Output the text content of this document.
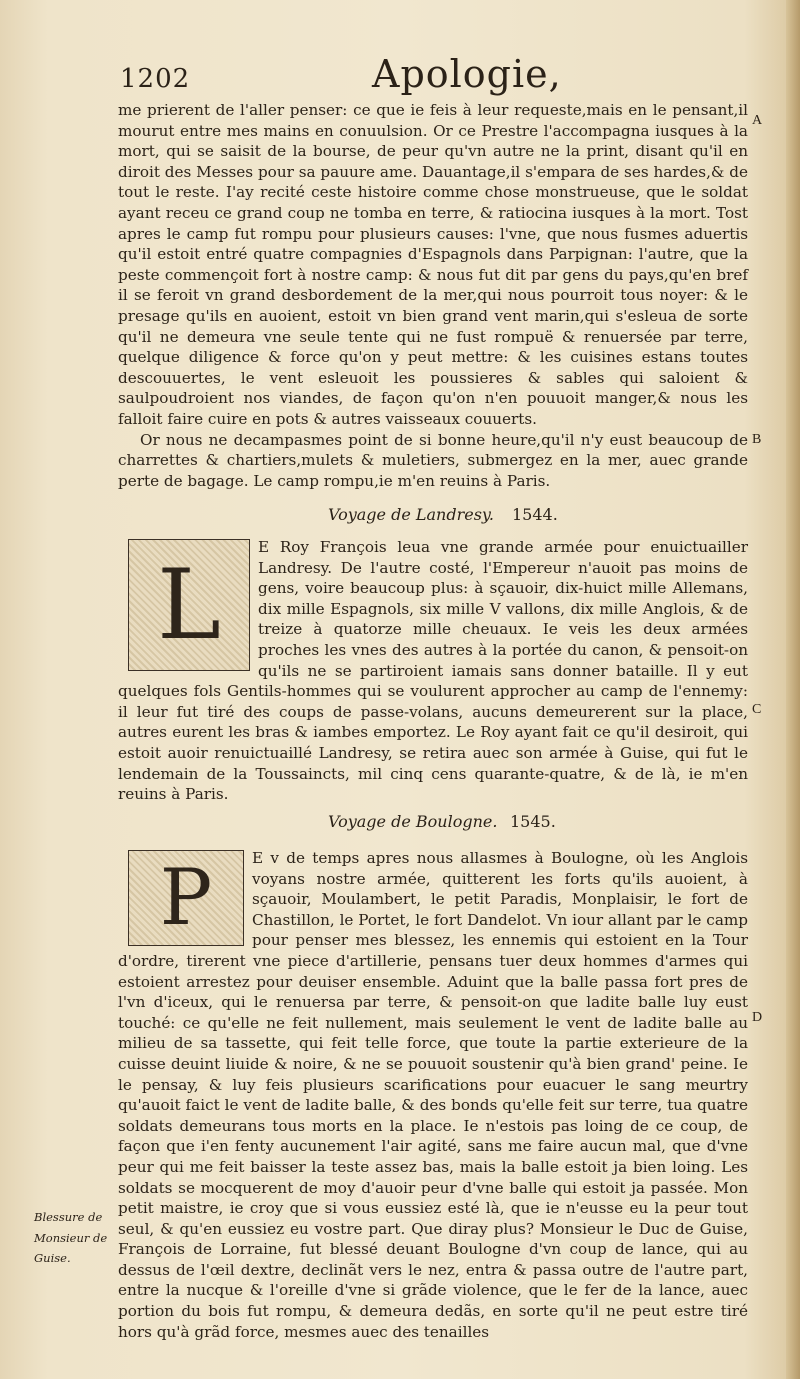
1202	Apologie,
A
B
C
D

me prierent de l'aller penser: ce que ie feis à leur requeste,mais en le pensant,il mourut entre mes mains en conuulsion. Or ce Prestre l'accompagna iusques à la mort, qui se saisit de la bourse, de peur qu'vn autre ne la print, disant qu'il en diroit des Messes pour sa pauure ame. Dauantage,il s'empara de ses hardes,& de tout le reste. I'ay recité ceste histoire comme chose monstrueuse, que le soldat ayant receu ce grand coup ne tomba en terre, & ratiocina iusques à la mort. Tost apres le camp fut rompu pour plusieurs causes: l'vne, que nous fusmes aduertis qu'il estoit entré quatre compagnies d'Espagnols dans Parpignan: l'autre, que la peste commençoit fort à nostre camp: & nous fut dit par gens du pays,qu'en bref il se feroit vn grand desbordement de la mer,qui nous pourroit tous noyer: & le presage qu'ils en auoient, estoit vn bien grand vent marin,qui s'esleua de sorte qu'il ne demeura vne seule tente qui ne fust rompuë & renuersée par terre, quelque diligence & force qu'on y peut mettre: & les cuisines estans toutes descouuertes, le vent esleuoit les poussieres & sables qui saloient & saulpoudroient nos viandes, de façon qu'on n'en pouuoit manger,& nous les falloit faire cuire en pots & autres vaisseaux couuerts.

Or nous ne decampasmes point de si bonne heure,qu'il n'y eust beaucoup de charrettes & chartiers,mulets & muletiers, submergez en la mer, auec grande perte de bagage. Le camp rompu,ie m'en reuins à Paris.

Voyage de Landresy. 1544.
L

E Roy François leua vne grande armée pour enuictuailler Landresy. De l'autre costé, l'Empereur n'auoit pas moins de gens, voire beaucoup plus: à sçauoir, dix-huict mille Allemans, dix mille Espagnols, six mille V vallons, dix mille Anglois, & de treize à quatorze mille cheuaux. Ie veis les deux armées proches les vnes des autres à la portée du canon, & pensoit-on qu'ils ne se partiroient iamais sans donner bataille. Il y eut quelques fols Gentils-hommes qui se voulurent approcher au camp de l'ennemy: il leur fut tiré des coups de passe-volans, aucuns demeurerent sur la place, autres eurent les bras & iambes emportez. Le Roy ayant fait ce qu'il desiroit, qui estoit auoir renuictuaillé Landresy, se retira auec son armée à Guise, qui fut le lendemain de la Toussaincts, mil cinq cens quarante-quatre, & de là, ie m'en reuins à Paris.

Voyage de Boulogne. 1545.
P	E v de temps apres nous allasmes à Boulogne, où les Anglois voyans nostre armée, quitterent les forts qu'ils auoient, à sçauoir, Moulambert, le petit Paradis, Monplaisir, le fort de Chastillon, le Portet, le fort Dandelot. Vn iour allant par le camp pour penser mes blessez, les ennemis qui estoient en la Tour d'ordre, tirerent vne piece d'artillerie, pensans tuer deux hommes d'armes qui estoient arrestez pour deuiser ensemble. Aduint que la balle passa fort pres de l'vn d'iceux, qui le renuersa par terre, & pensoit-on que ladite balle luy eust touché: ce qu'elle ne feit nullement, mais seulement le vent de ladite balle au milieu de sa tassette, qui feit telle force, que toute la partie exterieure de la cuisse deuint liuide & noire, & ne se pouuoit soustenir qu'à bien grand' peine. Ie le pensay, & luy feis plusieurs scarifications pour euacuer le sang meurtry qu'auoit faict le vent de ladite balle, & des bonds qu'elle feit sur terre, tua quatre soldats demeurans tous morts en la place. Ie n'estois pas loing de ce coup, de façon que i'en fenty aucunement l'air agité, sans me faire aucun mal, que d'vne peur qui me feit baisser la teste assez bas, mais la balle estoit ja bien loing. Les soldats se mocquerent de moy d'auoir peur d'vne balle qui estoit ja passée. Mon petit maistre, ie croy que si vous eussiez esté là, que ie n'eusse eu la peur tout seul, & qu'en eussiez eu vostre part. Que diray plus? Monsieur le Duc de Guise, François de Lorraine, fut blessé deuant Boulogne d'vn coup de lance, qui au dessus de l'œil dextre, declinãt vers le nez, entra & passa outre de l'autre part, entre la nucque & l'oreille d'vne si grãde violence, que le fer de la lance, auec portion du bois fut rompu, & demeura dedãs, en sorte qu'il ne peut estre tiré hors qu'à grãd force, mesmes auec des tenailles

Blessure de
Monsieur de
Guise.
